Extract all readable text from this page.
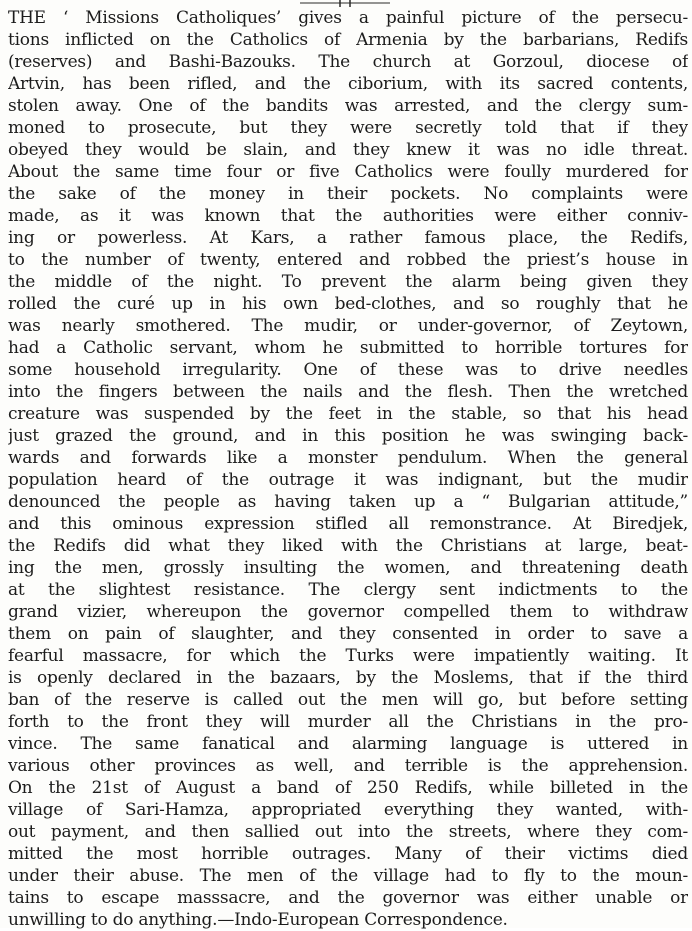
THE ‘ Missions Catholiques’ gives a painful picture of the persecu-
tions inflicted on the Catholics of Armenia by the barbarians, Redifs
(reserves) and Bashi-Bazouks. The church at Gorzoul, diocese of
Artvin, has been rifled, and the ciborium, with its sacred contents,
stolen away. One of the bandits was arrested, and the clergy sum-
moned to prosecute, but they were secretly told that if they
obeyed they would be slain, and they knew it was no idle threat.
About the same time four or five Catholics were foully murdered for
the sake of the money in their pockets. No complaints were
made, as it was known that the authorities were either conniv-
ing or powerless. At Kars, a rather famous place, the Redifs,
to the number of twenty, entered and robbed the priest’s house in
the middle of the night. To prevent the alarm being given they
rolled the curé up in his own bed-clothes, and so roughly that he
was nearly smothered. The mudir, or under-governor, of Zeytown,
had a Catholic servant, whom he submitted to horrible tortures for
some household irregularity. One of these was to drive needles
into the fingers between the nails and the flesh. Then the wretched
creature was suspended by the feet in the stable, so that his head
just grazed the ground, and in this position he was swinging back-
wards and forwards like a monster pendulum. When the general
population heard of the outrage it was indignant, but the mudir
denounced the people as having taken up a “ Bulgarian attitude,”
and this ominous expression stifled all remonstrance. At Biredjek,
the Redifs did what they liked with the Christians at large, beat-
ing the men, grossly insulting the women, and threatening death
at the slightest resistance. The clergy sent indictments to the
grand vizier, whereupon the governor compelled them to withdraw
them on pain of slaughter, and they consented in order to save a
fearful massacre, for which the Turks were impatiently waiting. It
is openly declared in the bazaars, by the Moslems, that if the third
ban of the reserve is called out the men will go, but before setting
forth to the front they will murder all the Christians in the pro-
vince. The same fanatical and alarming language is uttered in
various other provinces as well, and terrible is the apprehension.
On the 21st of August a band of 250 Redifs, while billeted in the
village of Sari-Hamza, appropriated everything they wanted, with-
out payment, and then sallied out into the streets, where they com-
mitted the most horrible outrages. Many of their victims died
under their abuse. The men of the village had to fly to the moun-
tains to escape masssacre, and the governor was either unable or
unwilling to do anything.—Indo-European Correspondence.
